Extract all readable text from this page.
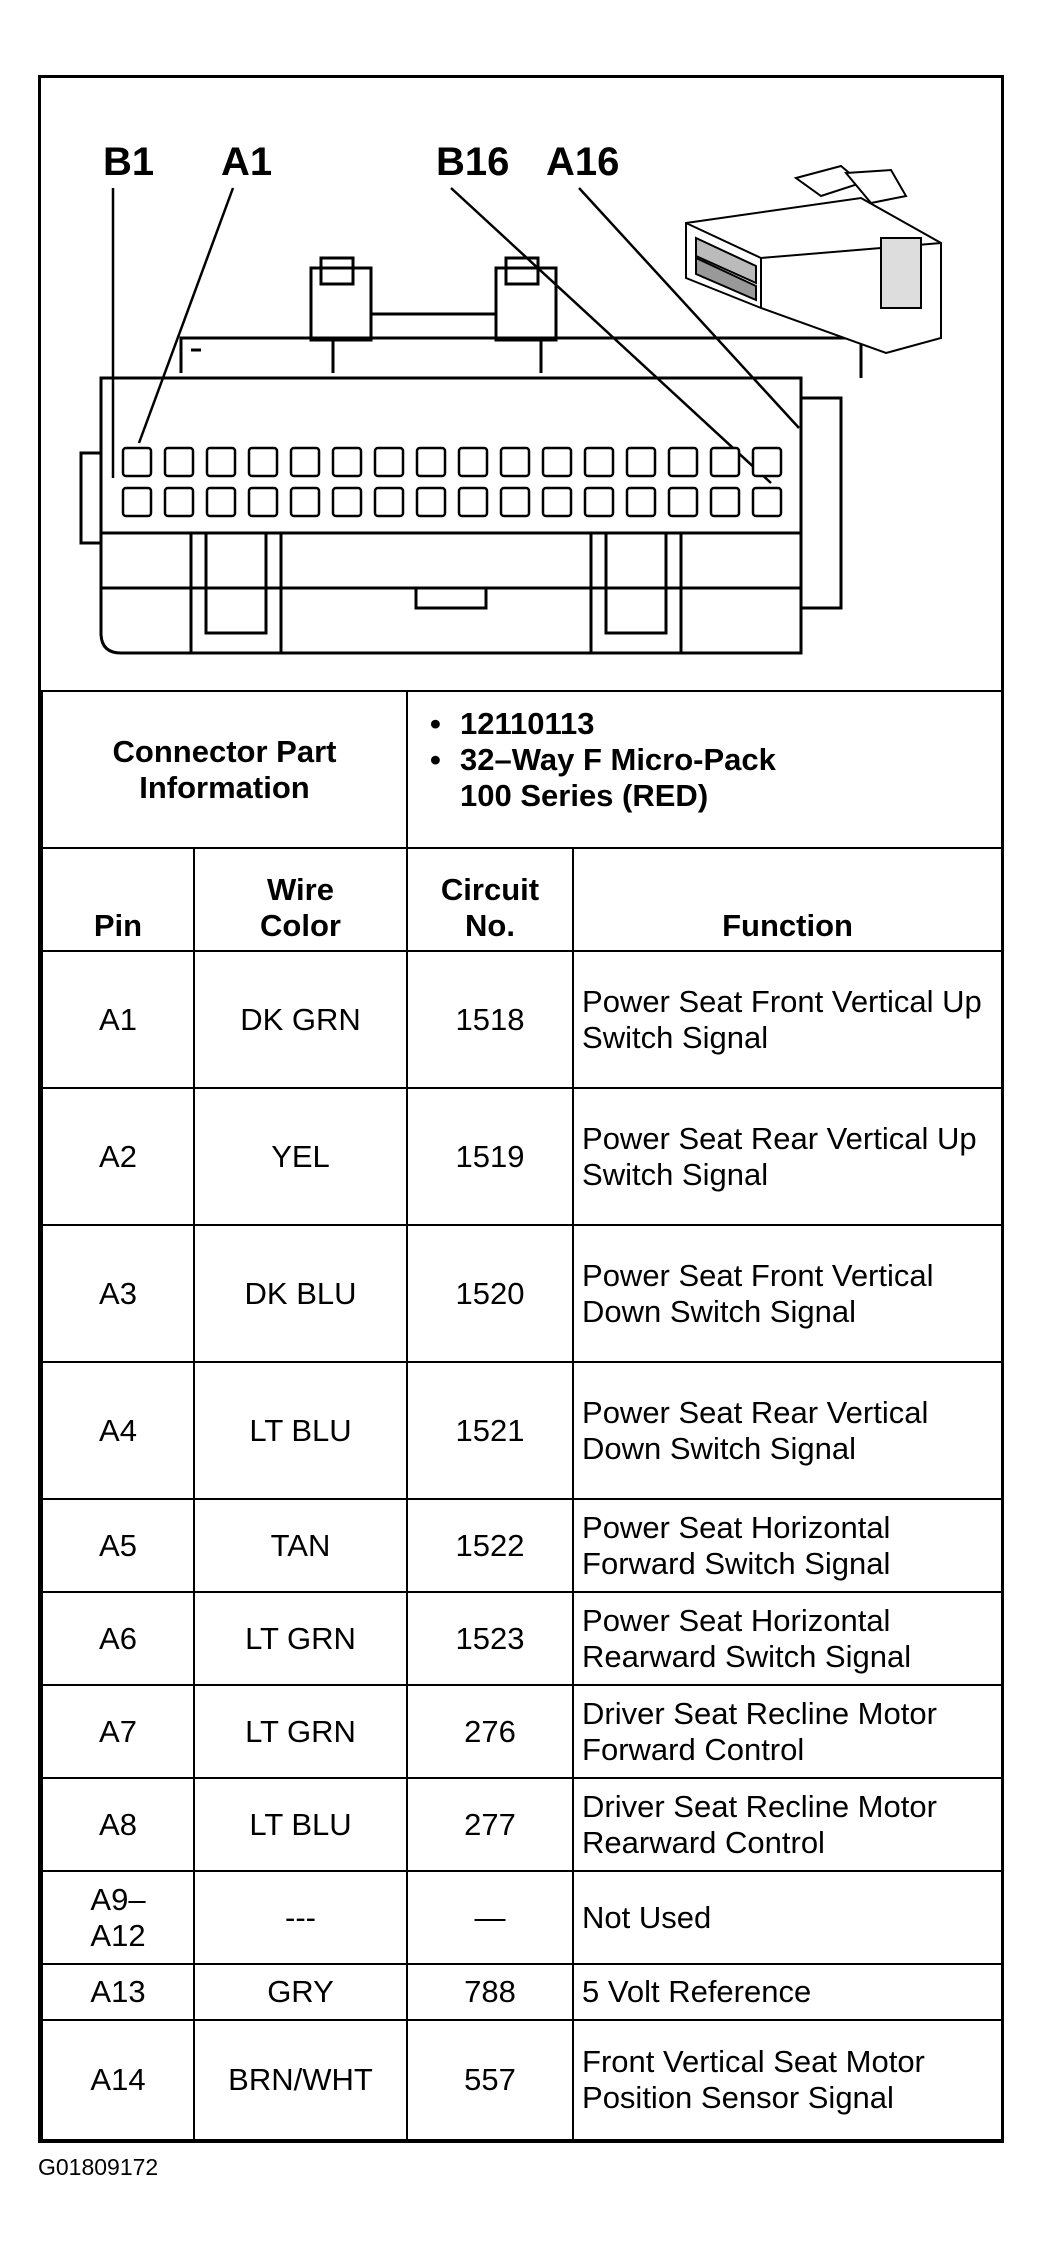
B1 A1	B16 A16
Connector Part Information		• 12110113
• 32–Way F Micro-Pack
100 Series (RED)

Pin	Wire Color	Circuit No.	Function
A1	DK GRN	1518	Power Seat Front Vertical Up Switch Signal
A2	YEL	1519	Power Seat Rear Vertical Up Switch Signal
A3	DK BLU	1520	Power Seat Front Vertical Down Switch Signal
A4	LT BLU	1521	Power Seat Rear Vertical Down Switch Signal
A5	TAN	1522	Power Seat Horizontal Forward Switch Signal
A6	LT GRN	1523	Power Seat Horizontal Rearward Switch Signal
A7	LT GRN	276	Driver Seat Recline Motor Forward Control
A8	LT BLU	277	Driver Seat Recline Motor Rearward Control
A9–A12	---	—	Not Used
A13	GRY	788	5 Volt Reference
A14	BRN/WHT	557	Front Vertical Seat Motor Position Sensor Signal
G01809172
